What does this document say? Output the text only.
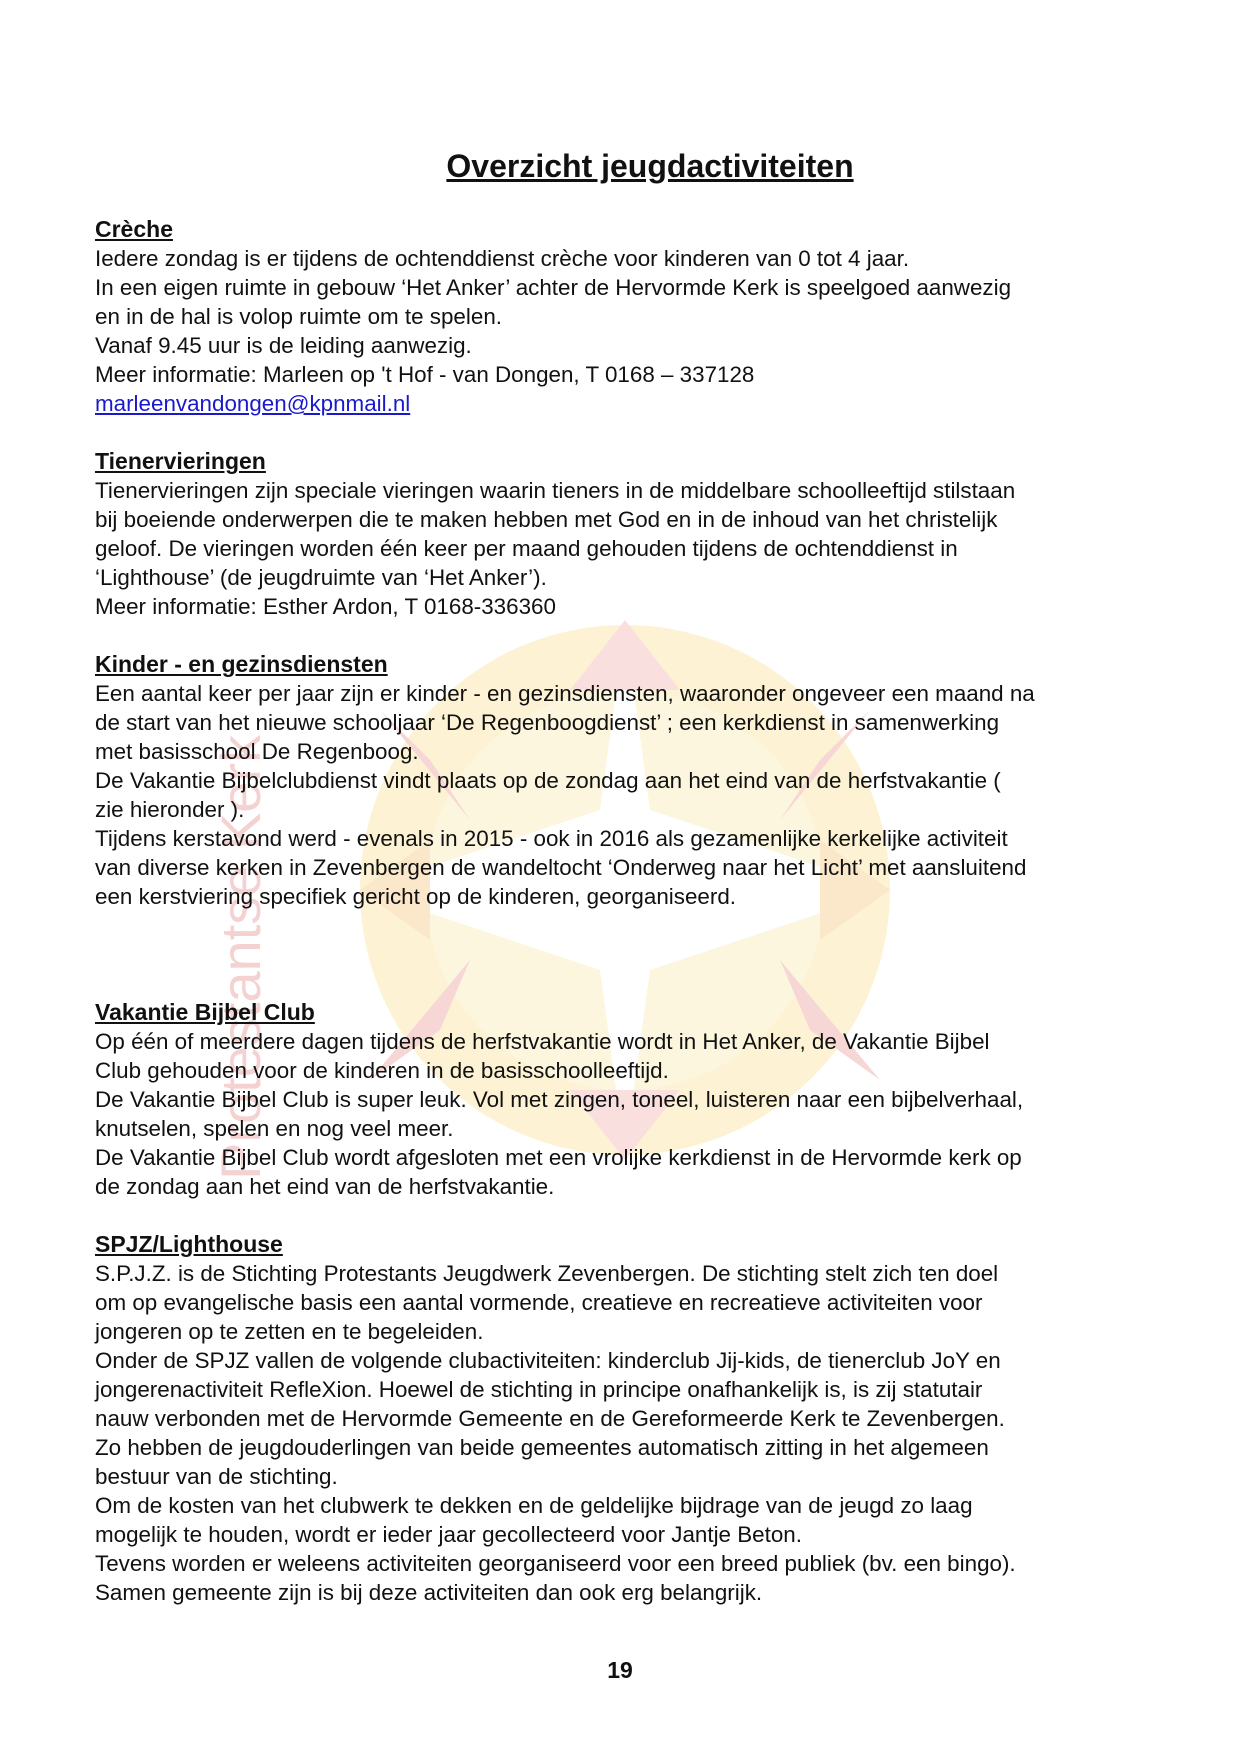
Protestantse Kerk
Overzicht jeugdactiviteiten
Crèche

Iedere zondag is er tijdens de ochtenddienst crèche voor kinderen van 0 tot 4 jaar.

In een eigen ruimte in gebouw ‘Het Anker’ achter de Hervormde Kerk is speelgoed aanwezig

en in de hal is volop ruimte om te spelen.

Vanaf 9.45 uur is de leiding aanwezig.

Meer informatie: Marleen op 't Hof - van Dongen, T 0168 – 337128

marleenvandongen@kpnmail.nl

Tienervieringen

Tienervieringen zijn speciale vieringen waarin tieners in de middelbare schoolleeftijd stilstaan

bij boeiende onderwerpen die te maken hebben met God en in de inhoud van het christelijk

geloof. De vieringen worden één keer per maand gehouden tijdens de ochtenddienst in

‘Lighthouse’ (de jeugdruimte van ‘Het Anker’).

Meer informatie: Esther Ardon, T 0168-336360

Kinder - en gezinsdiensten

Een aantal keer per jaar zijn er kinder - en gezinsdiensten, waaronder ongeveer een maand na

de start van het nieuwe schooljaar ‘De Regenboogdienst’ ; een kerkdienst in samenwerking

met basisschool De Regenboog.

De Vakantie Bijbelclubdienst vindt plaats op de zondag aan het eind van de herfstvakantie (

zie hieronder ).

Tijdens kerstavond werd - evenals in 2015 - ook in 2016 als gezamenlijke kerkelijke activiteit

van diverse kerken in Zevenbergen de wandeltocht ‘Onderweg naar het Licht’ met aansluitend

een kerstviering specifiek gericht op de kinderen, georganiseerd.

Vakantie Bijbel Club

Op één of meerdere dagen tijdens de herfstvakantie wordt in Het Anker, de Vakantie Bijbel

Club gehouden voor de kinderen in de basisschoolleeftijd.

De Vakantie Bijbel Club is super leuk. Vol met zingen, toneel, luisteren naar een bijbelverhaal,

knutselen, spelen en nog veel meer.

De Vakantie Bijbel Club wordt afgesloten met een vrolijke kerkdienst in de Hervormde kerk op

de zondag aan het eind van de herfstvakantie.

SPJZ/Lighthouse

S.P.J.Z. is de Stichting Protestants Jeugdwerk Zevenbergen. De stichting stelt zich ten doel

om op evangelische basis een aantal vormende, creatieve en recreatieve activiteiten voor

jongeren op te zetten en te begeleiden.

Onder de SPJZ vallen de volgende clubactiviteiten: kinderclub Jij-kids, de tienerclub JoY en

jongerenactiviteit RefleXion. Hoewel de stichting in principe onafhankelijk is, is zij statutair

nauw verbonden met de Hervormde Gemeente en de Gereformeerde Kerk te Zevenbergen.

Zo hebben de jeugdouderlingen van beide gemeentes automatisch zitting in het algemeen

bestuur van de stichting.

Om de kosten van het clubwerk te dekken en de geldelijke bijdrage van de jeugd zo laag

mogelijk te houden, wordt er ieder jaar gecollecteerd voor Jantje Beton.

Tevens worden er weleens activiteiten georganiseerd voor een breed publiek (bv. een bingo).

Samen gemeente zijn is bij deze activiteiten dan ook erg belangrijk.

19
